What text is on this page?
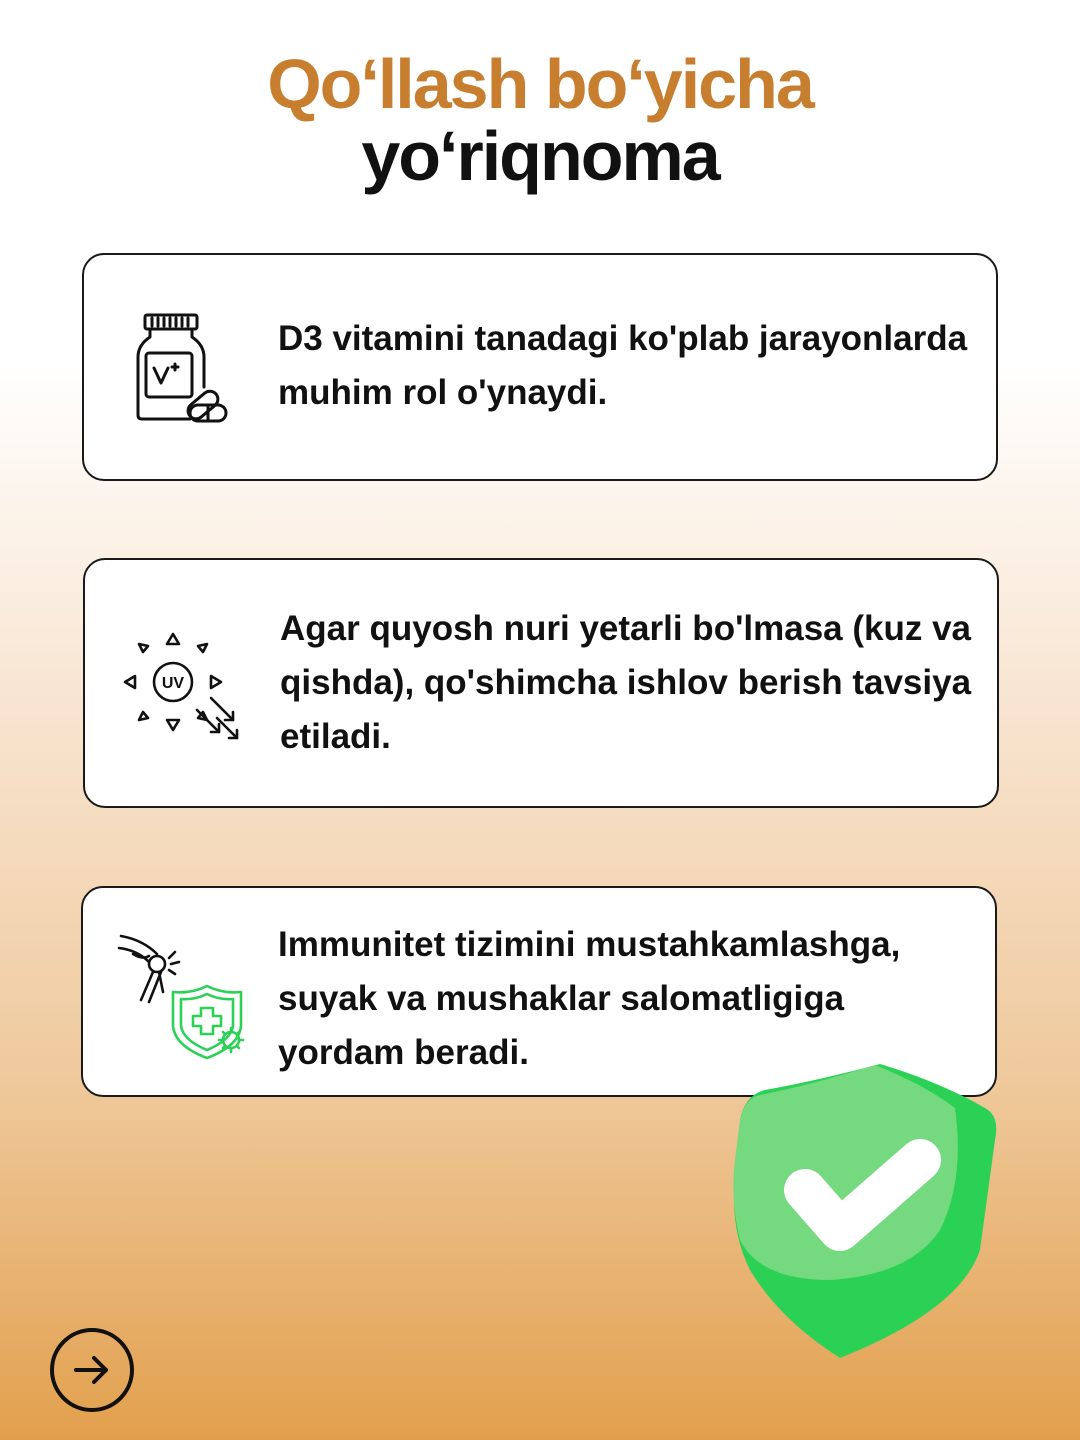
Qo‘llash bo‘yicha
yo‘riqnoma
D3 vitamini tanadagi ko'plab jarayonlarda muhim rol o'ynaydi.
UV
Agar quyosh nuri yetarli bo'lmasa (kuz va qishda), qo'shimcha ishlov berish tavsiya etiladi.
Immunitet tizimini mustahkamlashga, suyak va mushaklar salomatligiga yordam beradi.
